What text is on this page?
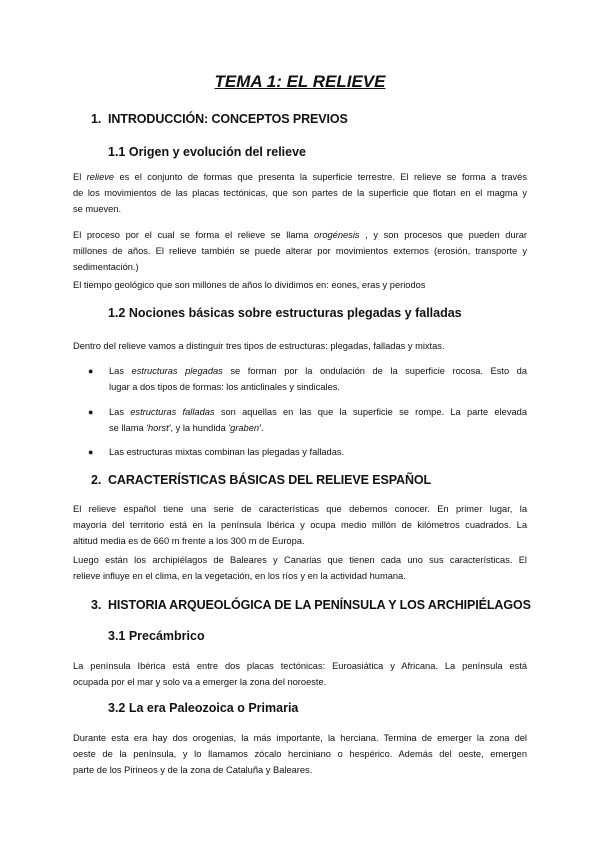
TEMA 1: EL RELIEVE
1. INTRODUCCIÓN: CONCEPTOS PREVIOS
1.1 Origen y evolución del relieve
El relieve es el conjunto de formas que presenta la superficie terrestre. El relieve se forma a través
de los movimientos de las placas tectónicas, que son partes de la superficie que flotan en el magma y
se mueven.
El proceso por el cual se forma el relieve se llama orogénesis , y son procesos que pueden durar
millones de años. El relieve también se puede alterar por movimientos externos (erosión, transporte y
sedimentación.)
El tiempo geológico que son millones de años lo dividimos en: eones, eras y periodos
1.2 Nociones básicas sobre estructuras plegadas y falladas
Dentro del relieve vamos a distinguir tres tipos de estructuras: plegadas, falladas y mixtas.
● Las estructuras plegadas se forman por la ondulación de la superficie rocosa. Esto da
lugar a dos tipos de formas: los anticlinales y sindicales.
● Las estructuras falladas son aquellas en las que la superficie se rompe. La parte elevada
se llama 'horst', y la hundida 'graben'.
● Las estructuras mixtas combinan las plegadas y falladas.
2. CARACTERÍSTICAS BÁSICAS DEL RELIEVE ESPAÑOL
El relieve español tiene una serie de características que debemos conocer. En primer lugar, la
mayoría del territorio está en la península Ibérica y ocupa medio millón de kilómetros cuadrados. La
altitud media es de 660 m frente a los 300 m de Europa.
Luego están los archipiélagos de Baleares y Canarias que tienen cada uno sus características. El
relieve influye en el clima, en la vegetación, en los ríos y en la actividad humana.
3. HISTORIA ARQUEOLÓGICA DE LA PENÍNSULA Y LOS ARCHIPIÉLAGOS
3.1 Precámbrico
La península Ibérica está entre dos placas tectónicas: Euroasiática y Africana. La península está
ocupada por el mar y solo va a emerger la zona del noroeste.
3.2 La era Paleozoica o Primaria
Durante esta era hay dos orogenias, la más importante, la herciana. Termina de emerger la zona del
oeste de la península, y lo llamamos zócalo herciniano o hespérico. Además del oeste, emergen
parte de los Pirineos y de la zona de Cataluña y Baleares.
